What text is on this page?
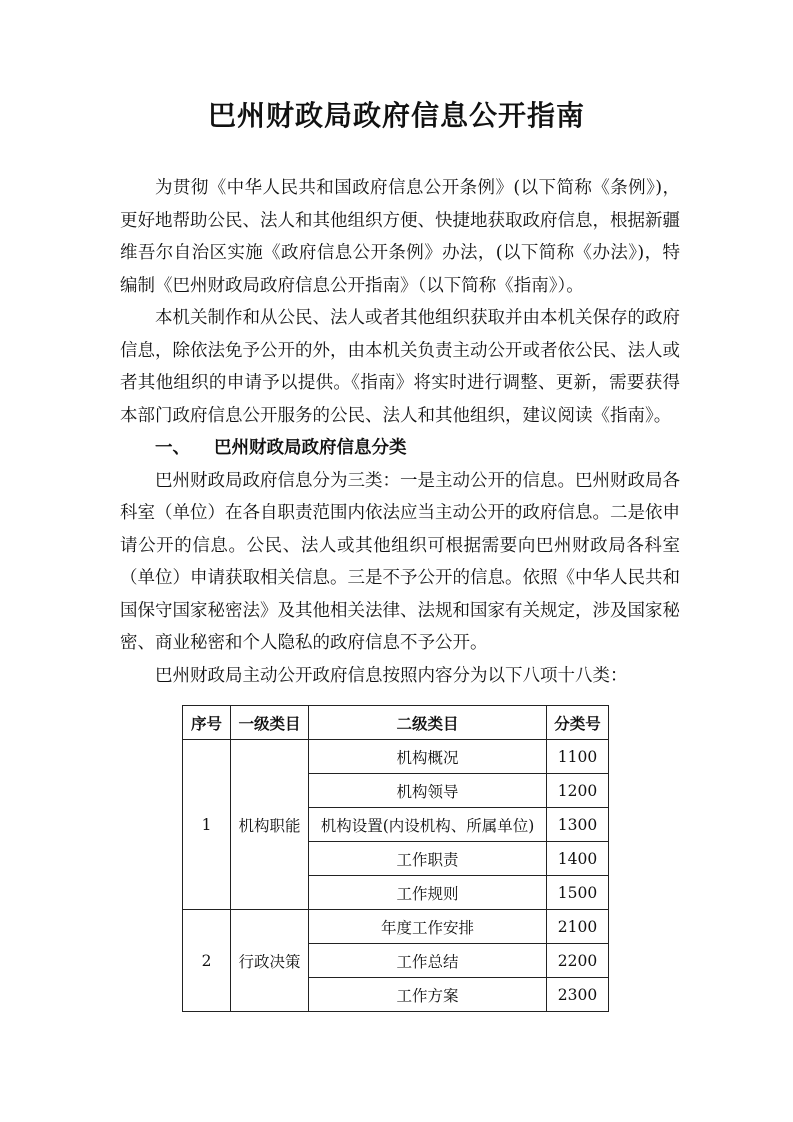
巴州财政局政府信息公开指南

为贯彻《中华人民共和国政府信息公开条例》(以下简称《条例》)，更好地帮助公民、法人和其他组织方便、快捷地获取政府信息，根据新疆维吾尔自治区实施《政府信息公开条例》办法，(以下简称《办法》)，特编制《巴州财政局政府信息公开指南》（以下简称《指南》）。

本机关制作和从公民、法人或者其他组织获取并由本机关保存的政府信息，除依法免予公开的外，由本机关负责主动公开或者依公民、法人或者其他组织的申请予以提供。《指南》将实时进行调整、更新，需要获得本部门政府信息公开服务的公民、法人和其他组织，建议阅读《指南》。

一、 巴州财政局政府信息分类

巴州财政局政府信息分为三类：一是主动公开的信息。巴州财政局各科室（单位）在各自职责范围内依法应当主动公开的政府信息。二是依申请公开的信息。公民、法人或其他组织可根据需要向巴州财政局各科室（单位）申请获取相关信息。三是不予公开的信息。依照《中华人民共和国保守国家秘密法》及其他相关法律、法规和国家有关规定，涉及国家秘密、商业秘密和个人隐私的政府信息不予公开。

巴州财政局主动公开政府信息按照内容分为以下八项十八类：

序号	一级类目	二级类目	分类号
1	机构职能	机构概况	1100
		机构领导	1200
		机构设置(内设机构、所属单位)	1300
		工作职责	1400
		工作规则	1500
2	行政决策	年度工作安排	2100
		工作总结	2200
		工作方案	2300
